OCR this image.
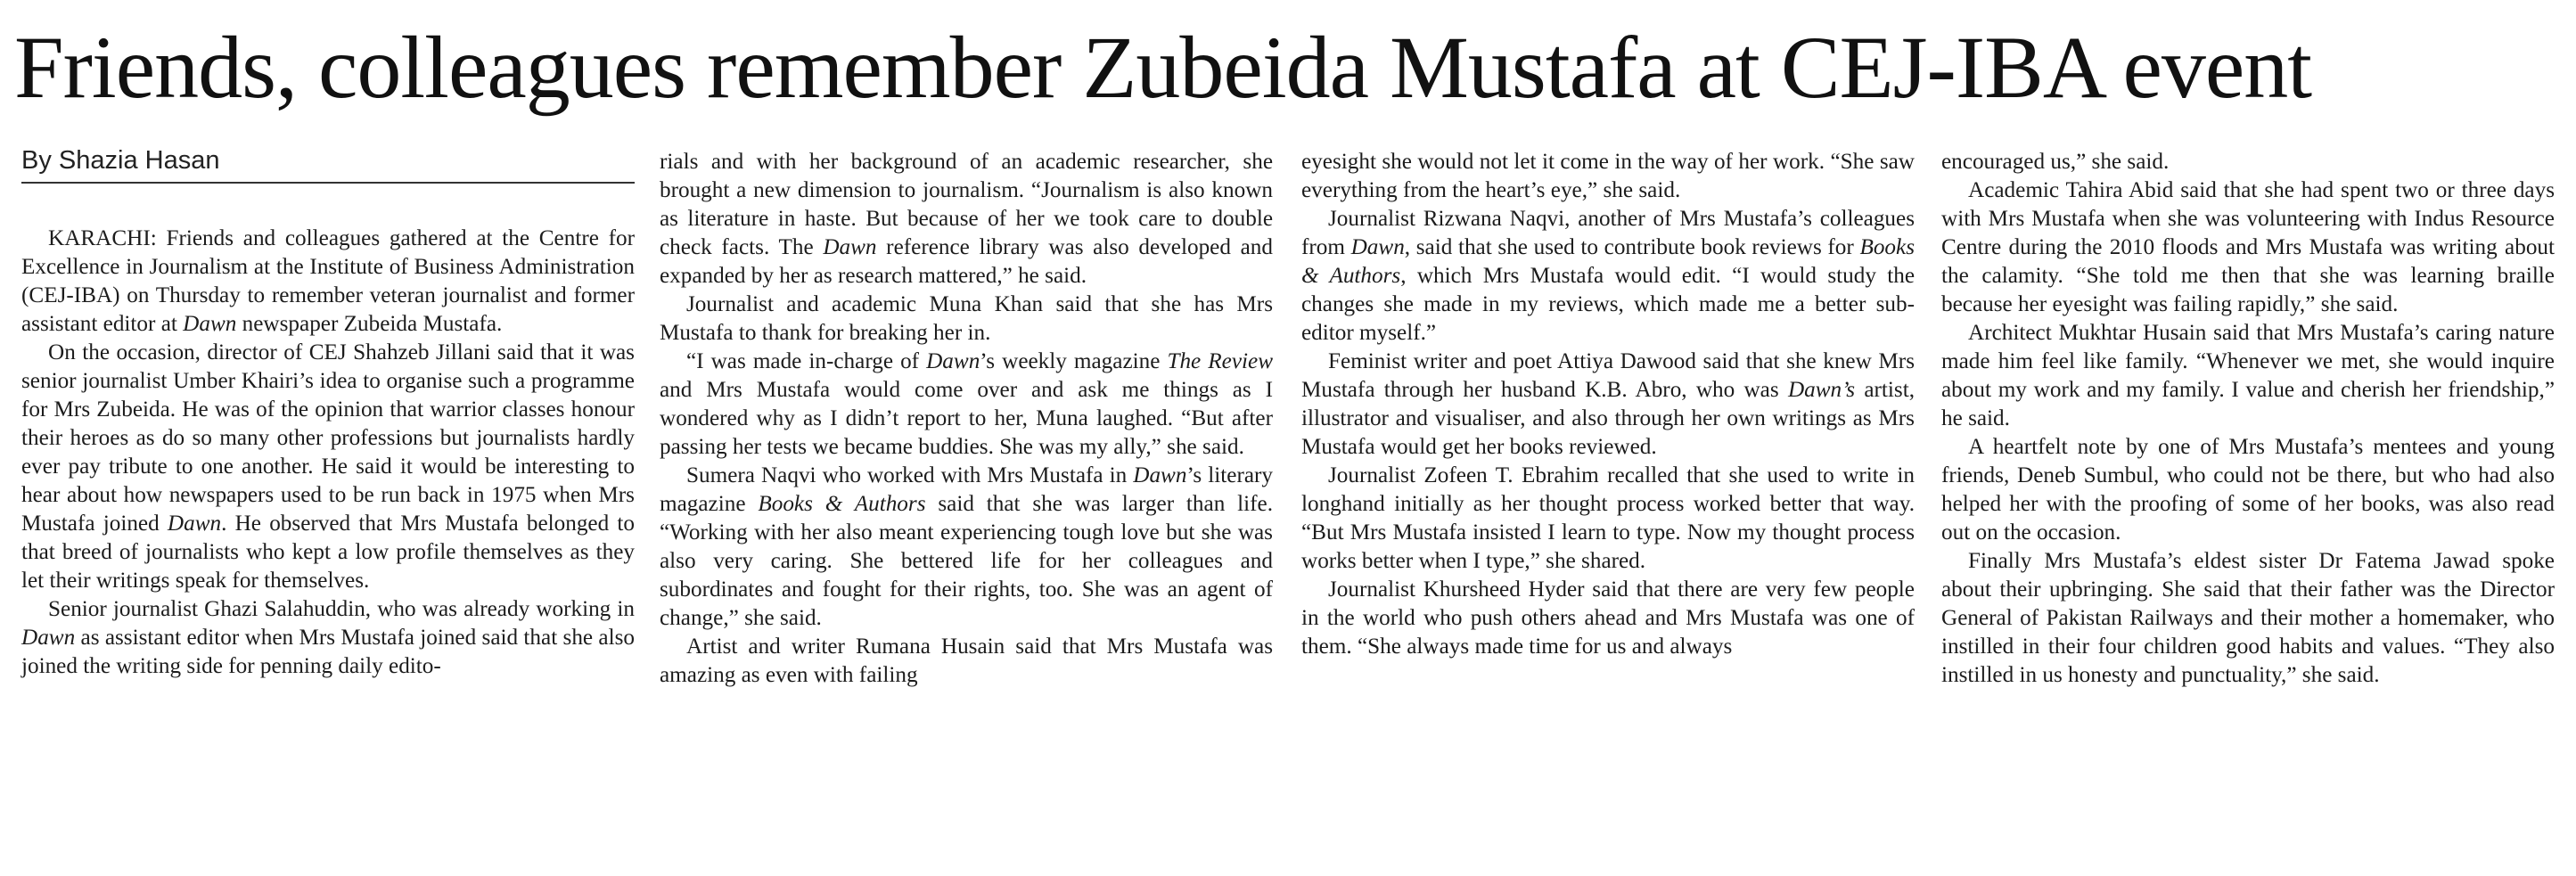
Friends, colleagues remember Zubeida Mustafa at CEJ-IBA event
By Shazia Hasan

KARACHI: Friends and colleagues gathered at the Centre for Excellence in Journalism at the Institute of Business Administration (CEJ-IBA) on Thursday to remember veteran journalist and former assistant editor at Dawn newspaper Zubeida Mustafa.

On the occasion, director of CEJ Shahzeb Jillani said that it was senior journalist Umber Khairi’s idea to organise such a programme for Mrs Zubeida. He was of the opinion that warrior classes honour their heroes as do so many other professions but journalists hardly ever pay tribute to one another. He said it would be interesting to hear about how newspapers used to be run back in 1975 when Mrs Mustafa joined Dawn. He observed that Mrs Mustafa belonged to that breed of journalists who kept a low profile themselves as they let their writings speak for themselves.

Senior journalist Ghazi Salahuddin, who was already working in Dawn as assistant editor when Mrs Mustafa joined said that she also joined the writing side for penning daily edito-

rials and with her background of an academic researcher, she brought a new dimension to journalism. “Journalism is also known as literature in haste. But because of her we took care to double check facts. The Dawn reference library was also developed and expanded by her as research mattered,” he said.

Journalist and academic Muna Khan said that she has Mrs Mustafa to thank for breaking her in.

“I was made in-charge of Dawn’s weekly magazine The Review and Mrs Mustafa would come over and ask me things as I wondered why as I didn’t report to her, Muna laughed. “But after passing her tests we became buddies. She was my ally,” she said.

Sumera Naqvi who worked with Mrs Mustafa in Dawn’s literary magazine Books & Authors said that she was larger than life. “Working with her also meant experiencing tough love but she was also very caring. She bettered life for her colleagues and subordinates and fought for their rights, too. She was an agent of change,” she said.

Artist and writer Rumana Husain said that Mrs Mustafa was amazing as even with failing

eyesight she would not let it come in the way of her work. “She saw everything from the heart’s eye,” she said.

Journalist Rizwana Naqvi, another of Mrs Mustafa’s colleagues from Dawn, said that she used to contribute book reviews for Books & Authors, which Mrs Mustafa would edit. “I would study the changes she made in my reviews, which made me a better sub-editor myself.”

Feminist writer and poet Attiya Dawood said that she knew Mrs Mustafa through her husband K.B. Abro, who was Dawn’s artist, illustrator and visualiser, and also through her own writings as Mrs Mustafa would get her books reviewed.

Journalist Zofeen T. Ebrahim recalled that she used to write in longhand initially as her thought process worked better that way. “But Mrs Mustafa insisted I learn to type. Now my thought process works better when I type,” she shared.

Journalist Khursheed Hyder said that there are very few people in the world who push others ahead and Mrs Mustafa was one of them. “She always made time for us and always

encouraged us,” she said.

Academic Tahira Abid said that she had spent two or three days with Mrs Mustafa when she was volunteering with Indus Resource Centre during the 2010 floods and Mrs Mustafa was writing about the calamity. “She told me then that she was learning braille because her eyesight was failing rapidly,” she said.

Architect Mukhtar Husain said that Mrs Mustafa’s caring nature made him feel like family. “Whenever we met, she would inquire about my work and my family. I value and cherish her friendship,” he said.

A heartfelt note by one of Mrs Mustafa’s mentees and young friends, Deneb Sumbul, who could not be there, but who had also helped her with the proofing of some of her books, was also read out on the occasion.

Finally Mrs Mustafa’s eldest sister Dr Fatema Jawad spoke about their upbringing. She said that their father was the Director General of Pakistan Railways and their mother a homemaker, who instilled in their four children good habits and values. “They also instilled in us honesty and punctuality,” she said.
